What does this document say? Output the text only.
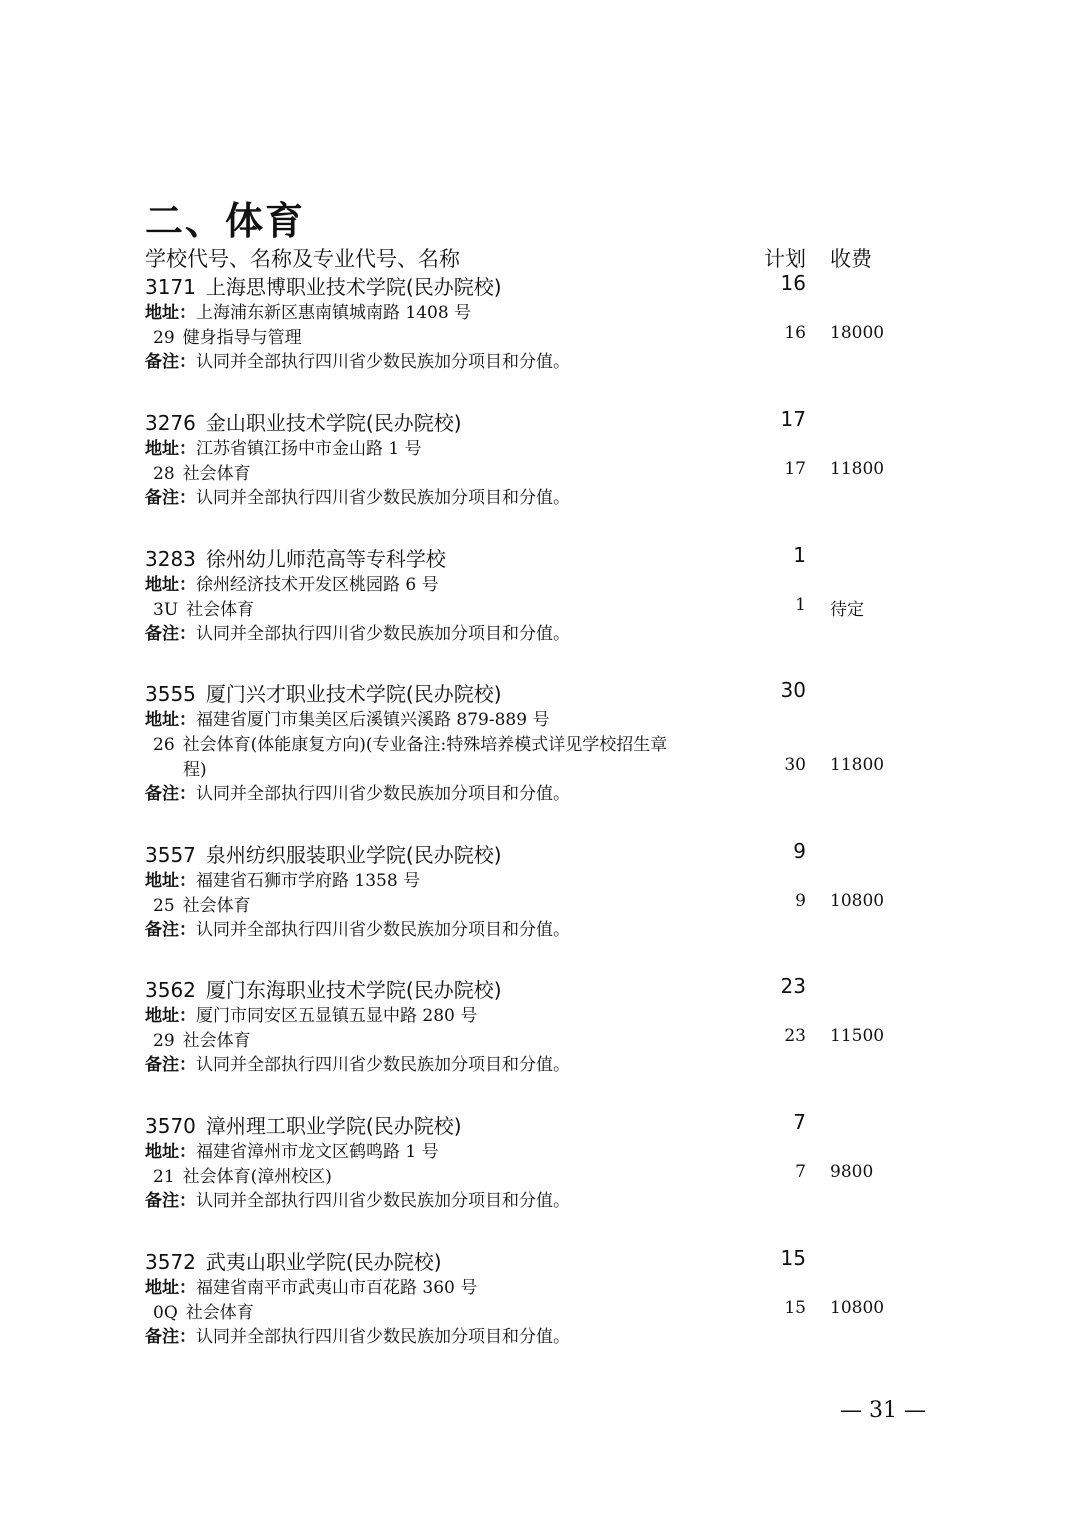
二、体育
学校代号、名称及专业代号、名称	计划 收费
3171 上海思博职业技术学院(民办院校)	16
地址：上海浦东新区惠南镇城南路 1408 号
29 健身指导与管理	16 18000
备注：认同并全部执行四川省少数民族加分项目和分值。
3276 金山职业技术学院(民办院校)	17
地址：江苏省镇江扬中市金山路 1 号
28 社会体育	17 11800
备注：认同并全部执行四川省少数民族加分项目和分值。
3283 徐州幼儿师范高等专科学校	1
地址：徐州经济技术开发区桃园路 6 号
3U 社会体育	1 待定
备注：认同并全部执行四川省少数民族加分项目和分值。
3555 厦门兴才职业技术学院(民办院校)	30
地址：福建省厦门市集美区后溪镇兴溪路 879-889 号
26 社会体育(体能康复方向)(专业备注:特殊培养模式详见学校招生章
程)	30 11800
备注：认同并全部执行四川省少数民族加分项目和分值。
3557 泉州纺织服装职业学院(民办院校)	9
地址：福建省石狮市学府路 1358 号
25 社会体育	9 10800
备注：认同并全部执行四川省少数民族加分项目和分值。
3562 厦门东海职业技术学院(民办院校)	23
地址：厦门市同安区五显镇五显中路 280 号
29 社会体育	23 11500
备注：认同并全部执行四川省少数民族加分项目和分值。
3570 漳州理工职业学院(民办院校)	7
地址：福建省漳州市龙文区鹤鸣路 1 号
21 社会体育(漳州校区)	7 9800
备注：认同并全部执行四川省少数民族加分项目和分值。
3572 武夷山职业学院(民办院校)	15
地址：福建省南平市武夷山市百花路 360 号
0Q 社会体育	15 10800
备注：认同并全部执行四川省少数民族加分项目和分值。
— 31 —
